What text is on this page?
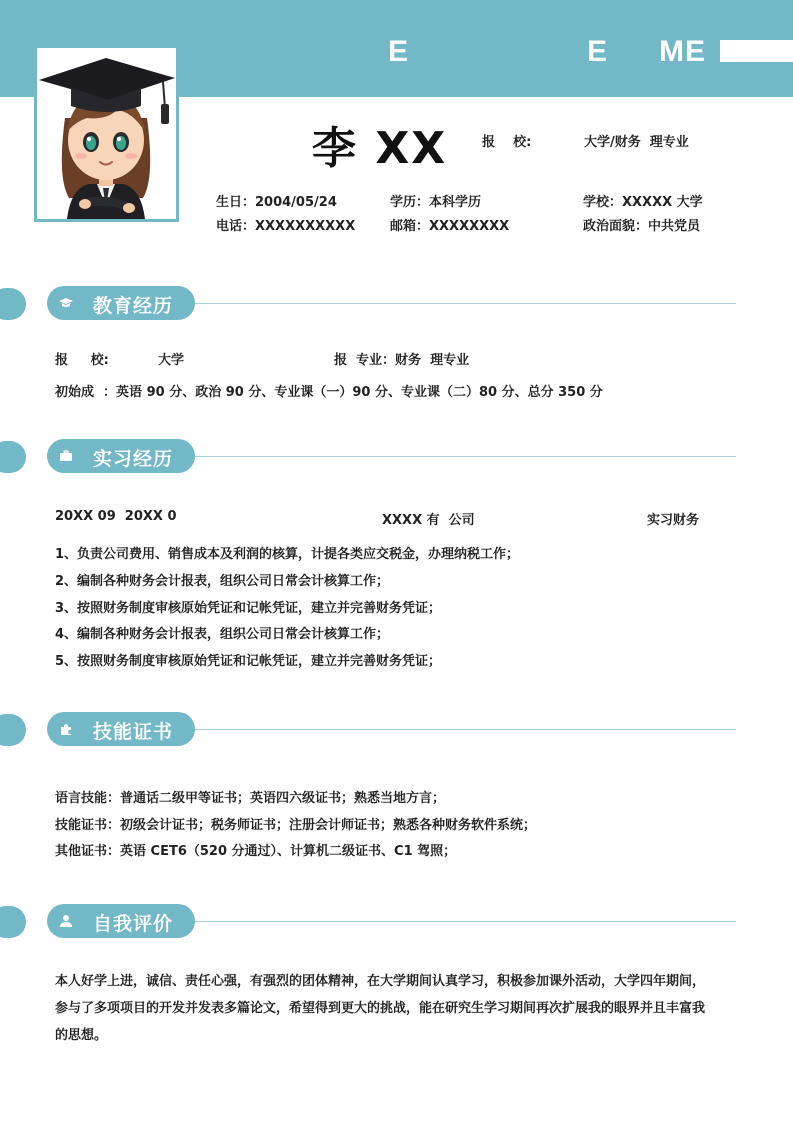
E	E ME
李 XX	报    校:	大学/财务  理专业
生日：2004/05/24	学历：本科学历	学校：XXXXX 大学
电话：XXXXXXXXXX	邮箱：XXXXXXXX	政治面貌：中共党员
教育经历
报     校:	大学	报  专业：财务  理专业
初始成  ：英语 90 分、政治 90 分、专业课（一）90 分、专业课（二）80 分、总分 350 分
实习经历
20XX 09  20XX 0	XXXX 有  公司	实习财务
1、负责公司费用、销售成本及利润的核算，计提各类应交税金，办理纳税工作；
2、编制各种财务会计报表，组织公司日常会计核算工作；
3、按照财务制度审核原始凭证和记帐凭证，建立并完善财务凭证；
4、编制各种财务会计报表，组织公司日常会计核算工作；
5、按照财务制度审核原始凭证和记帐凭证，建立并完善财务凭证；
技能证书
语言技能：普通话二级甲等证书；英语四六级证书；熟悉当地方言；
技能证书：初级会计证书；税务师证书；注册会计师证书；熟悉各种财务软件系统；
其他证书：英语 CET6（520 分通过）、计算机二级证书、C1 驾照；
自我评价
本人好学上进，诚信、责任心强，有强烈的团体精神，在大学期间认真学习，积极参加课外活动，大学四年期间，参与了多项项目的开发并发表多篇论文，希望得到更大的挑战，能在研究生学习期间再次扩展我的眼界并且丰富我的思想。
